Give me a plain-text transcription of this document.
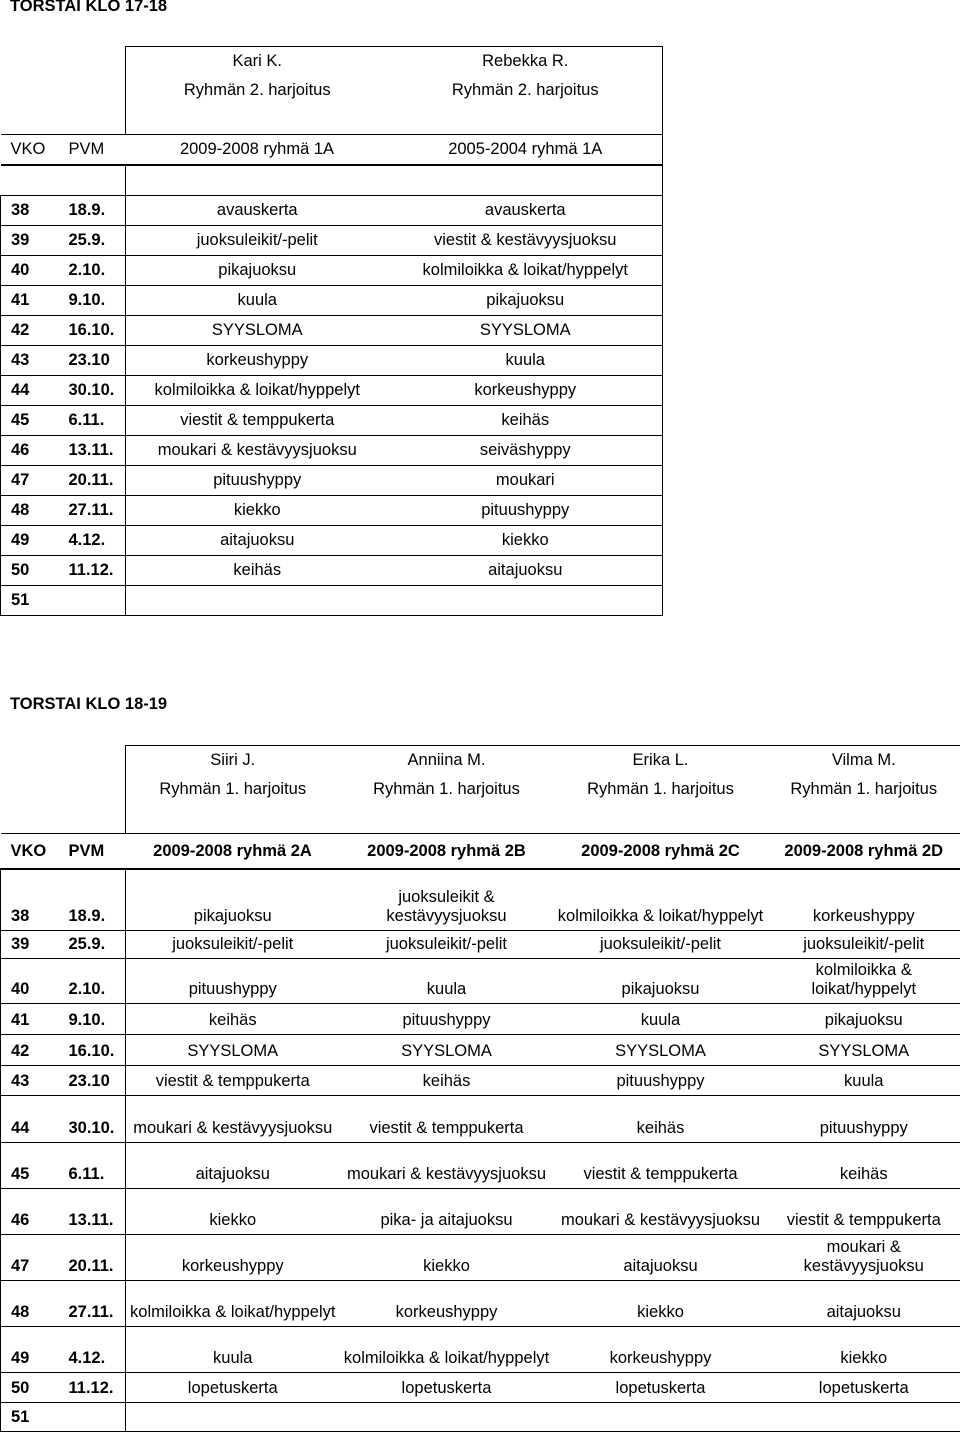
TORSTAI KLO 17-18
		Kari K.	Rebekka R.
		Ryhmän 2. harjoitus	Ryhmän 2. harjoitus

VKO	PVM	2009-2008 ryhmä 1A	2005-2004 ryhmä 1A

38	18.9.	avauskerta	avauskerta
39	25.9.	juoksuleikit/-pelit	viestit & kestävyysjuoksu
40	2.10.	pikajuoksu	kolmiloikka & loikat/hyppelyt
41	9.10.	kuula	pikajuoksu
42	16.10.	SYYSLOMA	SYYSLOMA
43	23.10	korkeushyppy	kuula
44	30.10.	kolmiloikka & loikat/hyppelyt	korkeushyppy
45	6.11.	viestit & temppukerta	keihäs
46	13.11.	moukari & kestävyysjuoksu	seiväshyppy
47	20.11.	pituushyppy	moukari
48	27.11.	kiekko	pituushyppy
49	4.12.	aitajuoksu	kiekko
50	11.12.	keihäs	aitajuoksu
51			
TORSTAI KLO 18-19
		Siiri J.	Anniina M.	Erika L.	Vilma M.
		Ryhmän 1. harjoitus	Ryhmän 1. harjoitus	Ryhmän 1. harjoitus	Ryhmän 1. harjoitus

VKO	PVM	2009-2008 ryhmä 2A	2009-2008 ryhmä 2B	2009-2008 ryhmä 2C	2009-2008 ryhmä 2D
38	18.9.	pikajuoksu	juoksuleikit & kestävyysjuoksu	kolmiloikka & loikat/hyppelyt	korkeushyppy
39	25.9.	juoksuleikit/-pelit	juoksuleikit/-pelit	juoksuleikit/-pelit	juoksuleikit/-pelit
40	2.10.	pituushyppy	kuula	pikajuoksu	kolmiloikka & loikat/hyppelyt
41	9.10.	keihäs	pituushyppy	kuula	pikajuoksu
42	16.10.	SYYSLOMA	SYYSLOMA	SYYSLOMA	SYYSLOMA
43	23.10	viestit & temppukerta	keihäs	pituushyppy	kuula
44	30.10.	moukari & kestävyysjuoksu	viestit & temppukerta	keihäs	pituushyppy
45	6.11.	aitajuoksu	moukari & kestävyysjuoksu	viestit & temppukerta	keihäs
46	13.11.	kiekko	pika- ja aitajuoksu	moukari & kestävyysjuoksu	viestit & temppukerta
47	20.11.	korkeushyppy	kiekko	aitajuoksu	moukari & kestävyysjuoksu
48	27.11.	kolmiloikka & loikat/hyppelyt	korkeushyppy	kiekko	aitajuoksu
49	4.12.	kuula	kolmiloikka & loikat/hyppelyt	korkeushyppy	kiekko
50	11.12.	lopetuskerta	lopetuskerta	lopetuskerta	lopetuskerta
51					
